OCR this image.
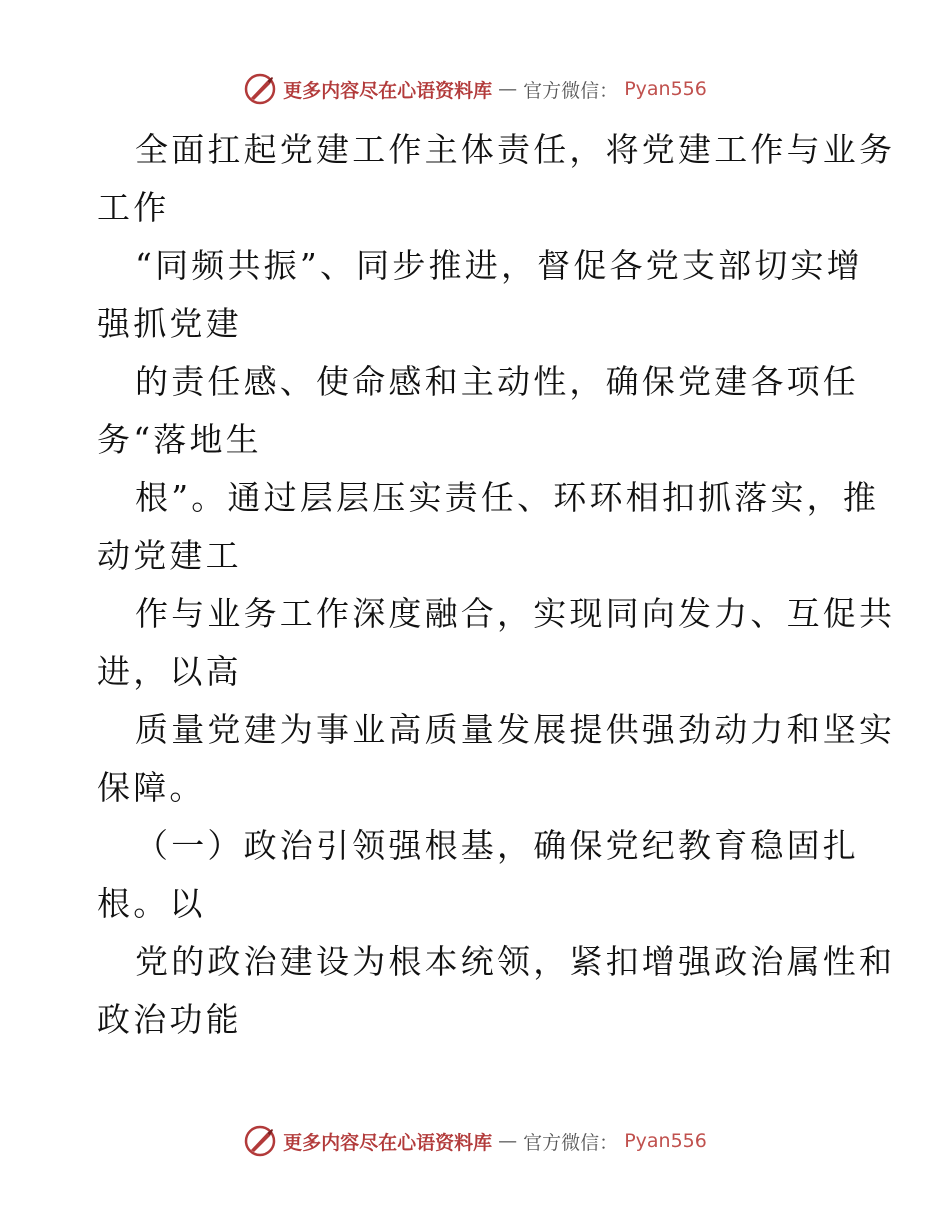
更多内容尽在心语资料库 — 官方微信： Pyan556
全面扛起党建工作主体责任，将党建工作与业务
工作
“同频共振”、同步推进，督促各党支部切实增
强抓党建
的责任感、使命感和主动性，确保党建各项任
务“落地生
根”。通过层层压实责任、环环相扣抓落实，推
动党建工
作与业务工作深度融合，实现同向发力、互促共
进，以高
质量党建为事业高质量发展提供强劲动力和坚实
保障。
（一）政治引领强根基，确保党纪教育稳固扎
根。以
党的政治建设为根本统领，紧扣增强政治属性和
政治功能
更多内容尽在心语资料库 — 官方微信： Pyan556
